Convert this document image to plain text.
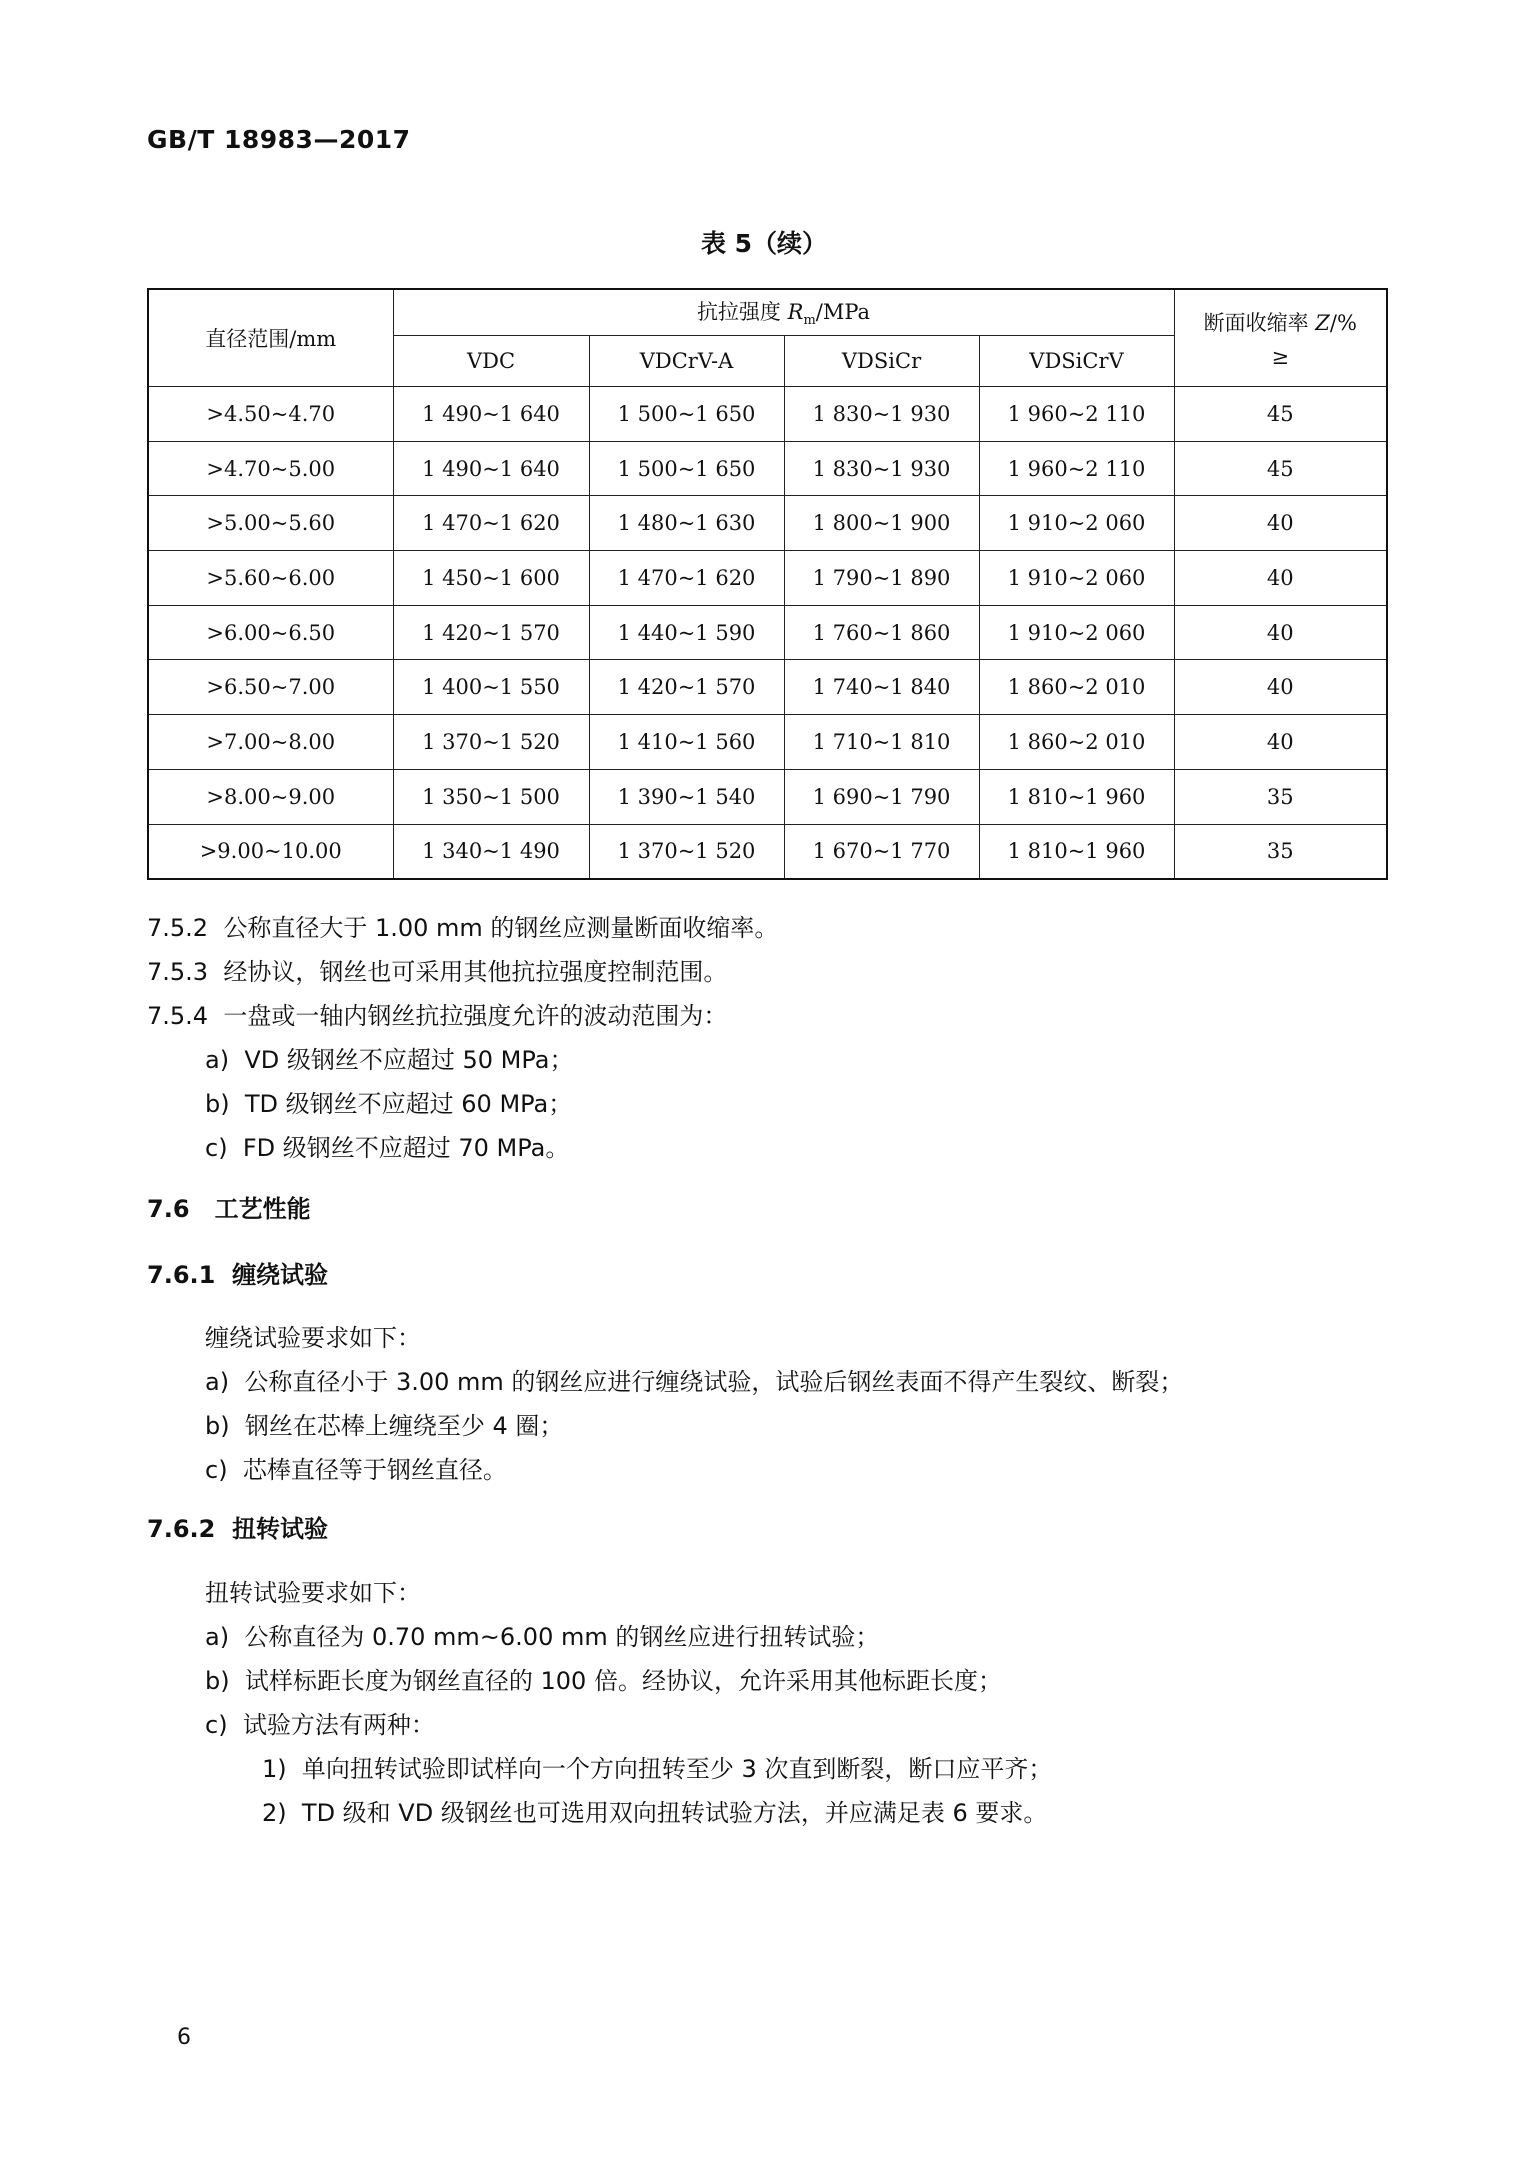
GB/T 18983—2017
表 5（续）
直径范围/mm	抗拉强度 $R_m$/MPa				断面收缩率 Z/%
≥

	VDC	VDCrV-A	VDSiCr	VDSiCrV	
>4.50~4.70	1 490~1 640	1 500~1 650	1 830~1 930	1 960~2 110	45
>4.70~5.00	1 490~1 640	1 500~1 650	1 830~1 930	1 960~2 110	45
>5.00~5.60	1 470~1 620	1 480~1 630	1 800~1 900	1 910~2 060	40
>5.60~6.00	1 450~1 600	1 470~1 620	1 790~1 890	1 910~2 060	40
>6.00~6.50	1 420~1 570	1 440~1 590	1 760~1 860	1 910~2 060	40
>6.50~7.00	1 400~1 550	1 420~1 570	1 740~1 840	1 860~2 010	40
>7.00~8.00	1 370~1 520	1 410~1 560	1 710~1 810	1 860~2 010	40
>8.00~9.00	1 350~1 500	1 390~1 540	1 690~1 790	1 810~1 960	35
>9.00~10.00	1 340~1 490	1 370~1 520	1 670~1 770	1 810~1 960	35
7.5.2 公称直径大于 1.00 mm 的钢丝应测量断面收缩率。
7.5.3 经协议，钢丝也可采用其他抗拉强度控制范围。
7.5.4 一盘或一轴内钢丝抗拉强度允许的波动范围为：
a) VD 级钢丝不应超过 50 MPa；
b) TD 级钢丝不应超过 60 MPa；
c) FD 级钢丝不应超过 70 MPa。
7.6 工艺性能
7.6.1 缠绕试验
缠绕试验要求如下：
a) 公称直径小于 3.00 mm 的钢丝应进行缠绕试验，试验后钢丝表面不得产生裂纹、断裂；
b) 钢丝在芯棒上缠绕至少 4 圈；
c) 芯棒直径等于钢丝直径。
7.6.2 扭转试验
扭转试验要求如下：
a) 公称直径为 0.70 mm~6.00 mm 的钢丝应进行扭转试验；
b) 试样标距长度为钢丝直径的 100 倍。经协议，允许采用其他标距长度；
c) 试验方法有两种：
1) 单向扭转试验即试样向一个方向扭转至少 3 次直到断裂，断口应平齐；
2) TD 级和 VD 级钢丝也可选用双向扭转试验方法，并应满足表 6 要求。
6
